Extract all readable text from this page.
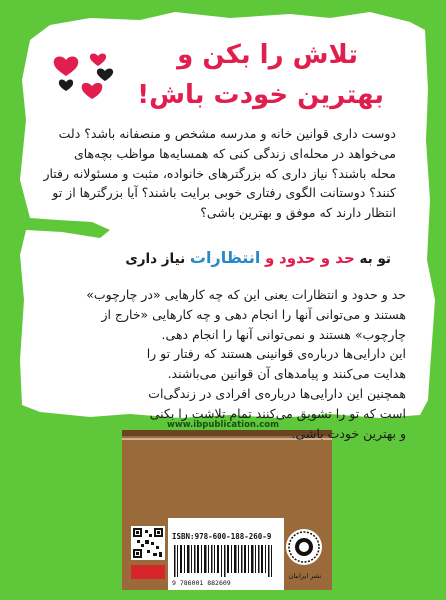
تلاش را بکن و
بهترین خودت باش!
دوست داری قوانین خانه و مدرسه مشخص و منصفانه باشد؟ دلت
می‌خواهد در محله‌ای زندگی کنی که همسایه‌ها مواظب بچه‌های
محله باشند؟ نیاز داری که بزرگترهای خانواده، مثبت و مسئولانه رفتار
کنند؟ دوستانت الگوی رفتاری خوبی برایت باشند؟ آیا بزرگترها از تو
انتظار دارند که موفق و بهترین باشی؟
تو به حد و حدود و انتظارات نیاز داری
حد و حدود و انتظارات یعنی این که چه کارهایی «در چارچوب»
هستند و می‌توانی آنها را انجام دهی و چه کارهایی «خارج از
چارچوب» هستند و نمی‌توانی آنها را انجام دهی.
این دارایی‌ها درباره‌ی قوانینی هستند که رفتار تو را
هدایت می‌کنند و پیامدهای آن قوانین می‌باشند.
همچنین این دارایی‌ها درباره‌ی افرادی در زندگی‌ات
است که تو را تشویق می‌کنند تمام تلاشت را بکنی
و بهترین خودت باشی.
www.ibpublication.com
ISBN:978-600-188-260-9
9 786001 882609
نشر ایرانبان
